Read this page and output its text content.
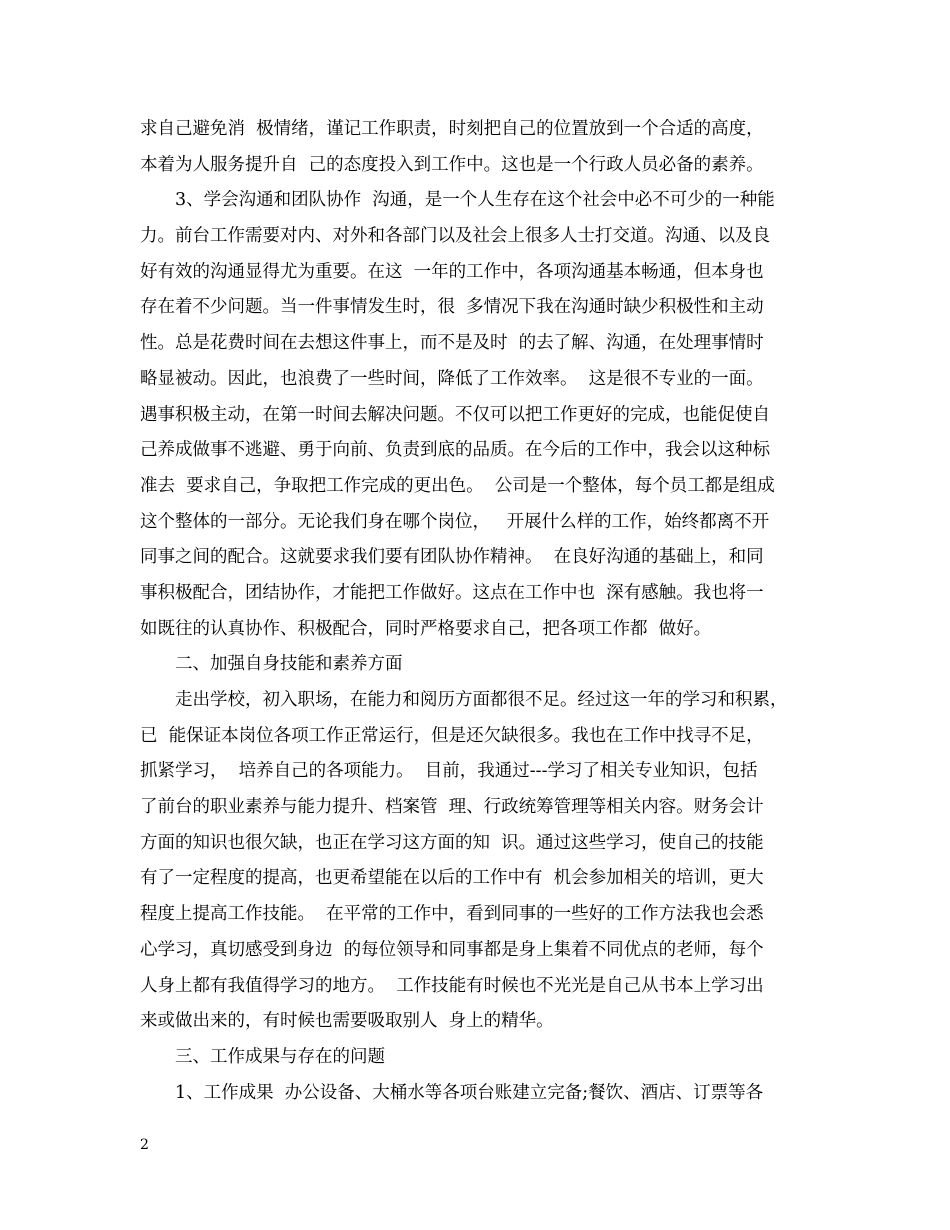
求自己避免消  极情绪，谨记工作职责，时刻把自己的位置放到一个合适的高度，
本着为人服务提升自  己的态度投入到工作中。这也是一个行政人员必备的素养。
3、学会沟通和团队协作  沟通，是一个人生存在这个社会中必不可少的一种能
力。前台工作需要对内、对外和各部门以及社会上很多人士打交道。沟通、以及良
好有效的沟通显得尤为重要。在这  一年的工作中，各项沟通基本畅通，但本身也
存在着不少问题。当一件事情发生时，很  多情况下我在沟通时缺少积极性和主动
性。总是花费时间在去想这件事上，而不是及时  的去了解、沟通，在处理事情时
略显被动。因此，也浪费了一些时间，降低了工作效率。  这是很不专业的一面。
遇事积极主动，在第一时间去解决问题。不仅可以把工作更好的完成，也能促使自
己养成做事不逃避、勇于向前、负责到底的品质。在今后的工作中，我会以这种标
准去  要求自己，争取把工作完成的更出色。  公司是一个整体，每个员工都是组成
这个整体的一部分。无论我们身在哪个岗位，   开展什么样的工作，始终都离不开
同事之间的配合。这就要求我们要有团队协作精神。  在良好沟通的基础上，和同
事积极配合，团结协作，才能把工作做好。这点在工作中也  深有感触。我也将一
如既往的认真协作、积极配合，同时严格要求自己，把各项工作都  做好。
二、加强自身技能和素养方面
走出学校，初入职场，在能力和阅历方面都很不足。经过这一年的学习和积累，
已  能保证本岗位各项工作正常运行，但是还欠缺很多。我也在工作中找寻不足，
抓紧学习，  培养自己的各项能力。  目前，我通过---学习了相关专业知识，包括
了前台的职业素养与能力提升、档案管  理、行政统筹管理等相关内容。财务会计
方面的知识也很欠缺，也正在学习这方面的知  识。通过这些学习，使自己的技能
有了一定程度的提高，也更希望能在以后的工作中有  机会参加相关的培训，更大
程度上提高工作技能。  在平常的工作中，看到同事的一些好的工作方法我也会悉
心学习，真切感受到身边  的每位领导和同事都是身上集着不同优点的老师，每个
人身上都有我值得学习的地方。  工作技能有时候也不光光是自己从书本上学习出
来或做出来的，有时候也需要吸取别人  身上的精华。
三、工作成果与存在的问题
1、工作成果  办公设备、大桶水等各项台账建立完备;餐饮、酒店、订票等各
2
